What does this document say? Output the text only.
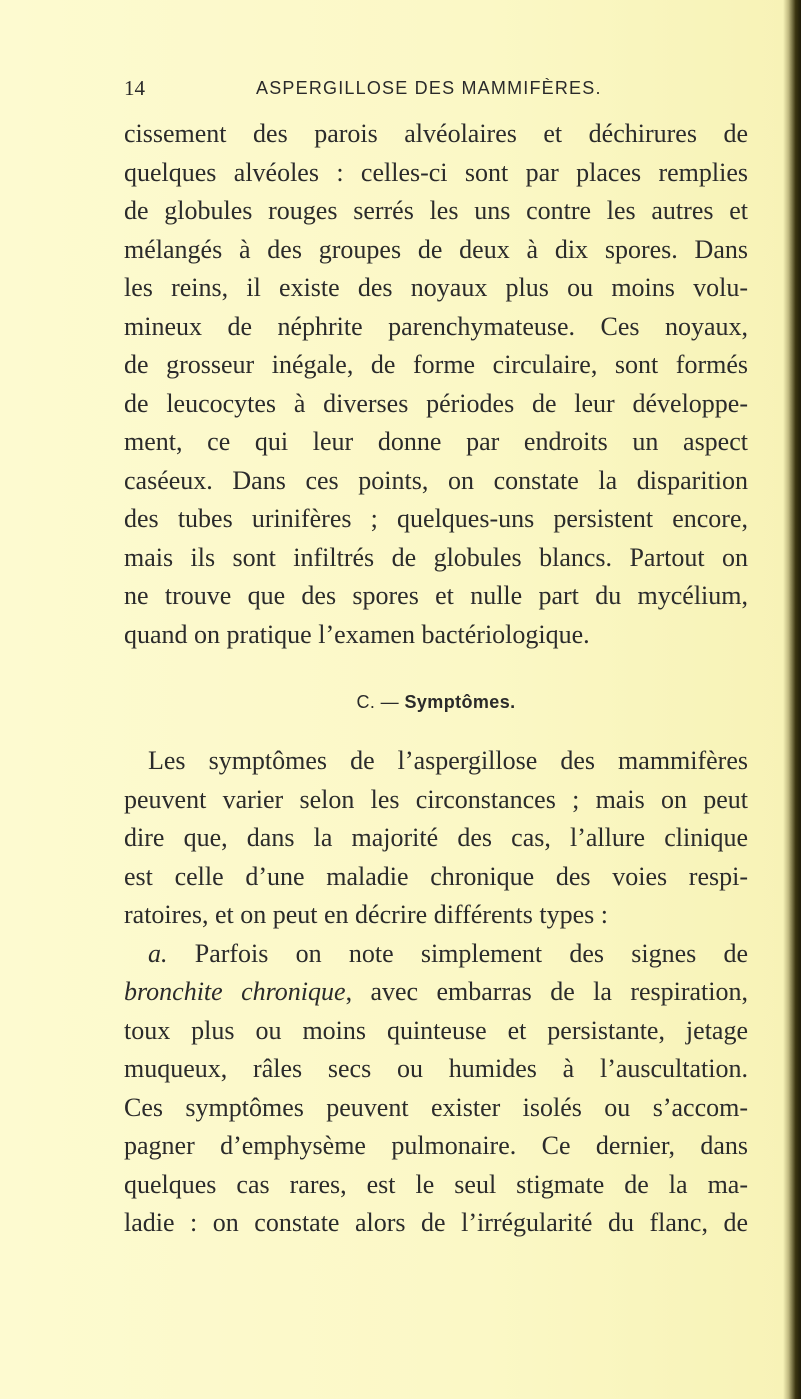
14	ASPERGILLOSE DES MAMMIFÈRES.
cissement des parois alvéolaires et déchirures de
quelques alvéoles : celles-ci sont par places remplies
de globules rouges serrés les uns contre les autres et
mélangés à des groupes de deux à dix spores. Dans
les reins, il existe des noyaux plus ou moins volu-
mineux de néphrite parenchymateuse. Ces noyaux,
de grosseur inégale, de forme circulaire, sont formés
de leucocytes à diverses périodes de leur développe-
ment, ce qui leur donne par endroits un aspect
caséeux. Dans ces points, on constate la disparition
des tubes urinifères ; quelques-uns persistent encore,
mais ils sont infiltrés de globules blancs. Partout on
ne trouve que des spores et nulle part du mycélium,
quand on pratique l’examen bactériologique.
C. — Symptômes.
Les symptômes de l’aspergillose des mammifères
peuvent varier selon les circonstances ; mais on peut
dire que, dans la majorité des cas, l’allure clinique
est celle d’une maladie chronique des voies respi-
ratoires, et on peut en décrire différents types :
a. Parfois on note simplement des signes de
bronchite chronique, avec embarras de la respiration,
toux plus ou moins quinteuse et persistante, jetage
muqueux, râles secs ou humides à l’auscultation.
Ces symptômes peuvent exister isolés ou s’accom-
pagner d’emphysème pulmonaire. Ce dernier, dans
quelques cas rares, est le seul stigmate de la ma-
ladie : on constate alors de l’irrégularité du flanc, de
